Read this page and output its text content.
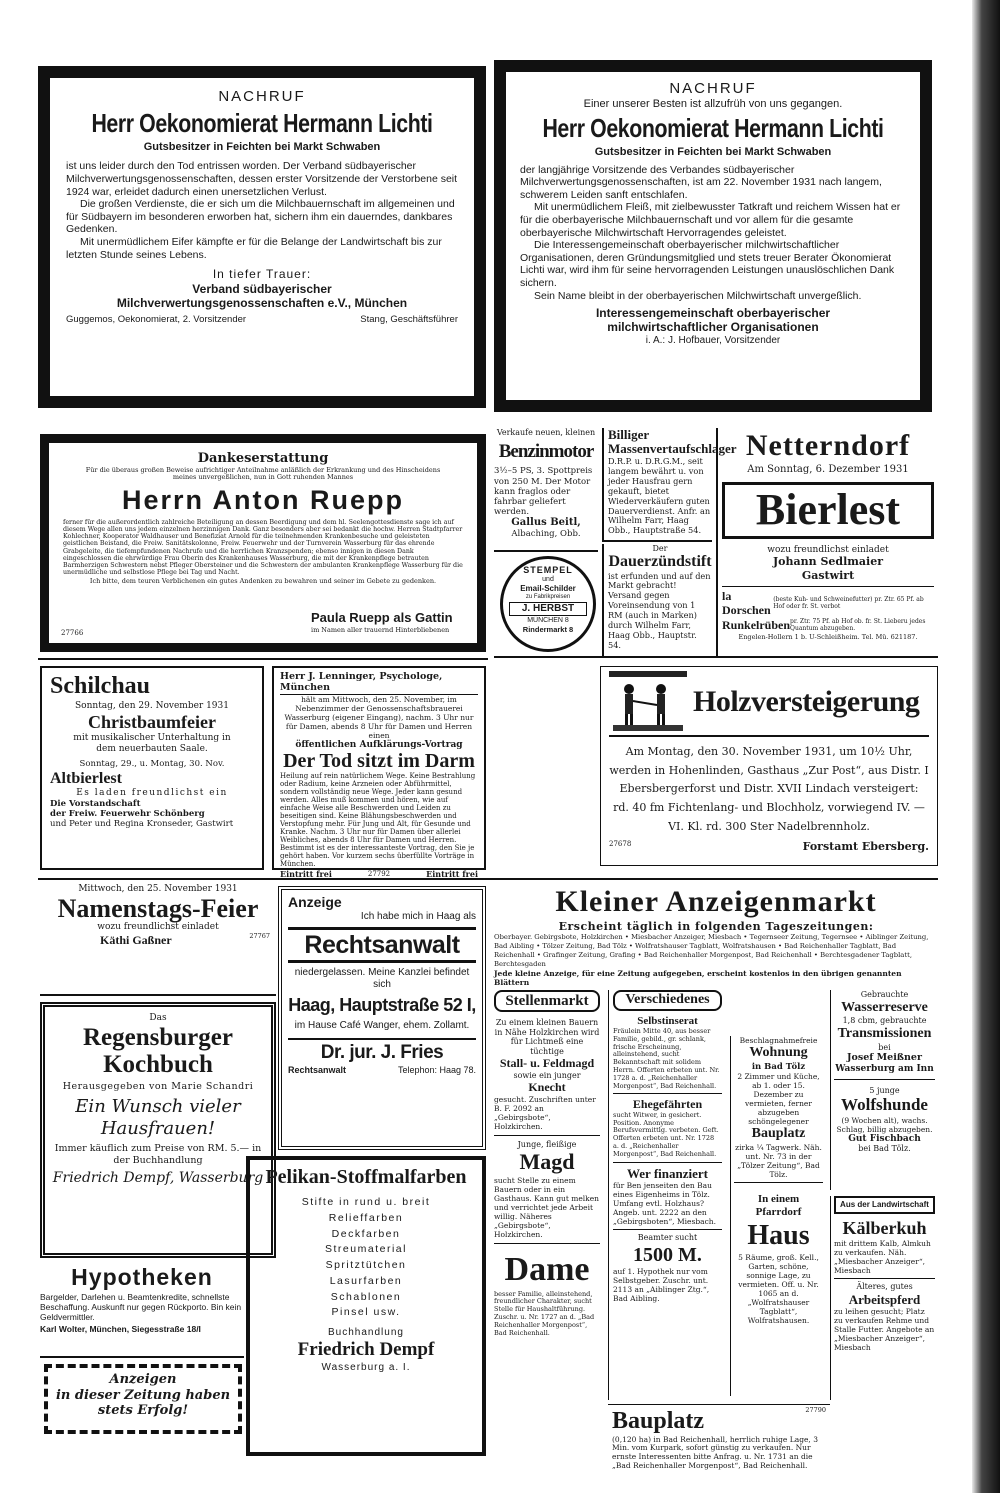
NACHRUF
Herr Oekonomierat Hermann Lichti
Gutsbesitzer in Feichten bei Markt Schwaben

ist uns leider durch den Tod entrissen worden. Der Verband südbayerischer Milchverwertungsgenossenschaften, dessen erster Vorsitzende der Verstorbene seit 1924 war, erleidet dadurch einen unersetzlichen Verlust.

Die großen Verdienste, die er sich um die Milchbauernschaft im allgemeinen und für Südbayern im besonderen erworben hat, sichern ihm ein dauerndes, dankbares Gedenken.

Mit unermüdlichem Eifer kämpfte er für die Belange der Landwirtschaft bis zur letzten Stunde seines Lebens.

In tiefer Trauer:
Verband südbayerischer Milchverwertungsgenossenschaften e.V., München
Guggemos, Oekonomierat, 2. Vorsitzender	Stang, Geschäftsführer
NACHRUF
Einer unserer Besten ist allzufrüh von uns gegangen.
Herr Oekonomierat Hermann Lichti
Gutsbesitzer in Feichten bei Markt Schwaben

der langjährige Vorsitzende des Verbandes südbayerischer Milchverwertungsgenossenschaften, ist am 22. November 1931 nach langem, schwerem Leiden sanft entschlafen.

Mit unermüdlichem Fleiß, mit zielbewusster Tatkraft und reichem Wissen hat er für die oberbayerische Milchbauernschaft und vor allem für die gesamte oberbayerische Milchwirtschaft Hervorragendes geleistet.

Die Interessengemeinschaft oberbayerischer milchwirtschaftlicher Organisationen, deren Gründungsmitglied und stets treuer Berater Ökonomierat Lichti war, wird ihm für seine hervorragenden Leistungen unauslöschlichen Dank sichern.

Sein Name bleibt in der oberbayerischen Milchwirtschaft unvergeßlich.

Interessengemeinschaft oberbayerischer milchwirtschaftlicher Organisationen
i. A.: J. Hofbauer, Vorsitzender
Dankeserstattung

Für die überaus großen Beweise aufrichtiger Anteilnahme anläßlich der Erkrankung und des Hinscheidens meines unvergeßlichen, nun in Gott ruhenden Mannes

Herrn Anton Ruepp

ferner für die außerordentlich zahlreiche Beteiligung an dessen Beerdigung und dem hl. Seelengottesdienste sage ich auf diesem Wege allen uns jedem einzelnen herzinnigen Dank. Ganz besonders aber sei bedankt die hochw. Herren Stadtpfarrer Kohlechner, Kooperator Waldhauser und Benefiziat Arnold für die teilnehmenden Krankenbesuche und geleisteten geistlichen Beistand, die Freiw. Sanitätskolonne, Freiw. Feuerwehr und der Turnverein Wasserburg für das ehrende Grabgeleite, die tiefempfundenen Nachrufe und die herrlichen Kranzspenden; ebenso innigen in diesen Dank eingeschlossen die ehrwürdige Frau Oberin des Krankenhauses Wasserburg, die mit der Krankenpflege betrauten Barmherzigen Schwestern nebst Pfleger Obersteiner und die Schwestern der ambulanten Krankenpflege Wasserburg für die unermüdliche und selbstlose Pflege bei Tag und Nacht.

Ich bitte, dem teuren Verblichenen ein gutes Andenken zu bewahren und seiner im Gebete zu gedenken.

Paula Ruepp als Gattin
im Namen aller trauernd Hinterbliebenen
27766
Verkaufe neuen, kleinen
Benzinmotor

3½–5 PS, 3. Spottpreis von 250 M. Der Motor kann fraglos oder fahrbar geliefert werden.

Gallus Beitl,
Albaching, Obb.
STEMPEL
und
Email-Schilder
zu Fabrikpreisen
J. HERBST
MÜNCHEN 8
Rindermarkt 8
Billiger Massenvertaufschlager

D.R.P. u. D.R.G.M., seit langem bewährt u. von jeder Hausfrau gern gekauft, bietet Wiederverkäufern guten Dauerverdienst. Anfr. an Wilhelm Farr, Haag Obb., Hauptstraße 54.

Der
Dauerzündstift

ist erfunden und auf den Markt gebracht! Versand gegen Voreinsendung von 1 RM (auch in Marken) durch Wilhelm Farr, Haag Obb., Hauptstr. 54.

Netterndorf
Am Sonntag, 6. Dezember 1931
Bierlest
wozu freundlichst einladet
Johann Sedlmaier
Gastwirt
la Dorschen
(beste Kuh- und Schweinefutter) pr. Ztr. 65 Pf. ab Hof oder fr. St. verbot
Runkelrüben pr. Ztr. 75 Pf. ab Hof ob. fr. St. Lieberu jedes Quantum abzugeben.
Engelen-Hollern 1 b. U-Schleißheim. Tel. Mü. 621187.
Schilchau
Sonntag, den 29. November 1931
Christbaumfeier

mit musikalischer Unterhaltung in dem neuerbauten Saale.

Sonntag, 29., u. Montag, 30. Nov.
Altbierlest
Es laden freundlichst ein
Die Vorstandschaft
der Freiw. Feuerwehr Schönberg
und Peter und Regina Kronseder, Gastwirt
Herr J. Lenninger, Psychologe, München

hält am Mittwoch, den 25. November, im Nebenzimmer der Genossenschaftsbrauerei Wasserburg (eigener Eingang), nachm. 3 Uhr nur für Damen, abends 8 Uhr für Damen und Herren einen

öffentlichen Aufklärungs-Vortrag
Der Tod sitzt im Darm

Heilung auf rein natürlichem Wege. Keine Bestrahlung oder Radium, keine Arzneien oder Abführmittel, sondern vollständig neue Wege. Jeder kann gesund werden. Alles muß kommen und hören, wie auf einfache Weise alle Beschwerden und Leiden zu beseitigen sind. Keine Blähungsbeschwerden und Verstopfung mehr. Für Jung und Alt, für Gesunde und Kranke. Nachm. 3 Uhr nur für Damen über allerlei Weibliches, abends 8 Uhr für Damen und Herren. Bestimmt ist es der interessanteste Vortrag, den Sie je gehört haben. Vor kurzem sechs überfüllte Vorträge in München.

Eintritt frei	27792	Eintritt frei
Holzversteigerung

Am Montag, den 30. November 1931, um 10½ Uhr, werden in Hohenlinden, Gasthaus „Zur Post“, aus Distr. I Ebersbergerforst und Distr. XVII Lindach versteigert:

rd. 40 fm Fichtenlang- und Blochholz, vorwiegend IV. — VI. Kl. rd. 300 Ster Nadelbrennholz.

27678	Forstamt Ebersberg.
Mittwoch, den 25. November 1931
Namenstags-Feier
wozu freundlichst einladet
Käthi Gaßner	27767
Anzeige
Ich habe mich in Haag als
Rechtsanwalt

niedergelassen. Meine Kanzlei befindet sich

Haag, Hauptstraße 52 I,
im Hause Café Wanger, ehem. Zollamt.
Dr. jur. J. Fries
Rechtsanwalt	Telephon: Haag 78.
Das
Regensburger Kochbuch
Herausgegeben von Marie Schandri
Ein Wunsch vieler Hausfrauen!
Immer käuflich zum Preise von RM. 5.— in der Buchhandlung
Friedrich Dempf, Wasserburg Pelikan-Stoffmalfarben
Stifte in rund u. breit
Relieffarben
Deckfarben
Streumaterial
Spritztütchen
Lasurfarben
Schablonen
Pinsel usw.
Buchhandlung
Friedrich Dempf
Wasserburg a. I.
Hypotheken

Bargelder, Darlehen u. Beamtenkredite, schnellste Beschaffung. Auskunft nur gegen Rückporto. Bin kein Geldvermittler.

Karl Wolter, München, Siegesstraße 18/I
Anzeigen
in dieser Zeitung haben
stets Erfolg!
Kleiner Anzeigenmarkt
Erscheint täglich in folgenden Tageszeitungen:

Oberbayer. Gebirgsbote, Holzkirchen • Miesbacher Anzeiger, Miesbach • Tegernseer Zeitung, Tegernsee • Aiblinger Zeitung, Bad Aibling • Tölzer Zeitung, Bad Tölz • Wolfratshauser Tagblatt, Wolfratshausen • Bad Reichenhaller Tagblatt, Bad Reichenhall • Grafinger Zeitung, Grafing • Bad Reichenhaller Morgenpost, Bad Reichenhall • Berchtesgadener Tagblatt, Berchtesgaden

Jede kleine Anzeige, für eine Zeitung aufgegeben, erscheint kostenlos in den übrigen genannten Blättern
Stellenmarkt

Zu einem kleinen Bauern in Nähe Holzkirchen wird für Lichtmeß eine tüchtige

Stall- u. Feldmagd
sowie ein junger
Knecht

gesucht. Zuschriften unter B. F. 2092 an „Gebirgsbote“, Holzkirchen.

Junge, fleißige
Magd

sucht Stelle zu einem Bauern oder in ein Gasthaus. Kann gut melken und verrichtet jede Arbeit willig. Näheres „Gebirgsbote“, Holzkirchen.

Dame

besser Familie, alleinstehend, freundlicher Charakter, sucht Stelle für Haushaltführung. Zuschr. u. Nr. 1727 an d. „Bad Reichenhaller Morgenpost“, Bad Reichenhall.

Verschiedenes
Selbstinserat

Fräulein Mitte 40, aus besser Familie, gebild., gr. schlank, frische Erscheinung, alleinstehend, sucht Bekanntschaft mit solidem Herrn. Offerten erbeten unt. Nr. 1728 a. d. „Reichenhaller Morgenpost“, Bad Reichenhall.

Ehegefährten

sucht Witwer, in gesichert. Position. Anonyme Berufsvermittlg. verbeten. Geft. Offerten erbeten unt. Nr. 1728 a. d. „Reichenhaller Morgenpost“, Bad Reichenhall.

Wer finanziert

für Ben jenseiten den Bau eines Eigenheims in Tölz. Umfang evtl. Holzhaus? Angeb. unt. 2222 an den „Gebirgsboten“, Miesbach.

Beamter sucht
1500 M.

auf 1. Hypothek nur vom Selbstgeber. Zuschr. unt. 2113 an „Aiblinger Ztg.“, Bad Aibling.

Beschlagnahmefreie
Wohnung
in Bad Tölz

2 Zimmer und Küche, ab 1. oder 15. Dezember zu vermieten, ferner abzugeben schöngelegener

Bauplatz

zirka ¼ Tagwerk. Näh. unt. Nr. 73 in der „Tölzer Zeitung“, Bad Tölz.

In einem Pfarrdorf
Haus

5 Räume, groß. Kell., Garten, schöne, sonnige Lage, zu vermieten. Off. u. Nr. 1065 an d. „Wolfratshauser Tagblatt“, Wolfratshausen.

Gebrauchte
Wasserreserve
1,8 cbm, gebrauchte
Transmissionen
bei
Josef Meißner
Wasserburg am Inn
5 junge
Wolfshunde

(9 Wochen alt), wachs. Schlag, billig abzugeben.

Gut Fischbach
bei Bad Tölz.
Aus der Landwirtschaft
Kälberkuh

mit drittem Kalb, Almkuh zu verkaufen. Näh. „Miesbacher Anzeiger“, Miesbach

Älteres, gutes
Arbeitspferd

zu leihen gesucht; Platz zu verkaufen Rehme und Stalle Futter. Angebote an „Miesbacher Anzeiger“, Miesbach

Bauplatz	27790

(0,120 ha) in Bad Reichenhall, herrlich ruhige Lage, 3 Min. vom Kurpark, sofort günstig zu verkaufen. Nur ernste Interessenten bitte Anfrag. u. Nr. 1731 an die „Bad Reichenhaller Morgenpost“, Bad Reichenhall.
